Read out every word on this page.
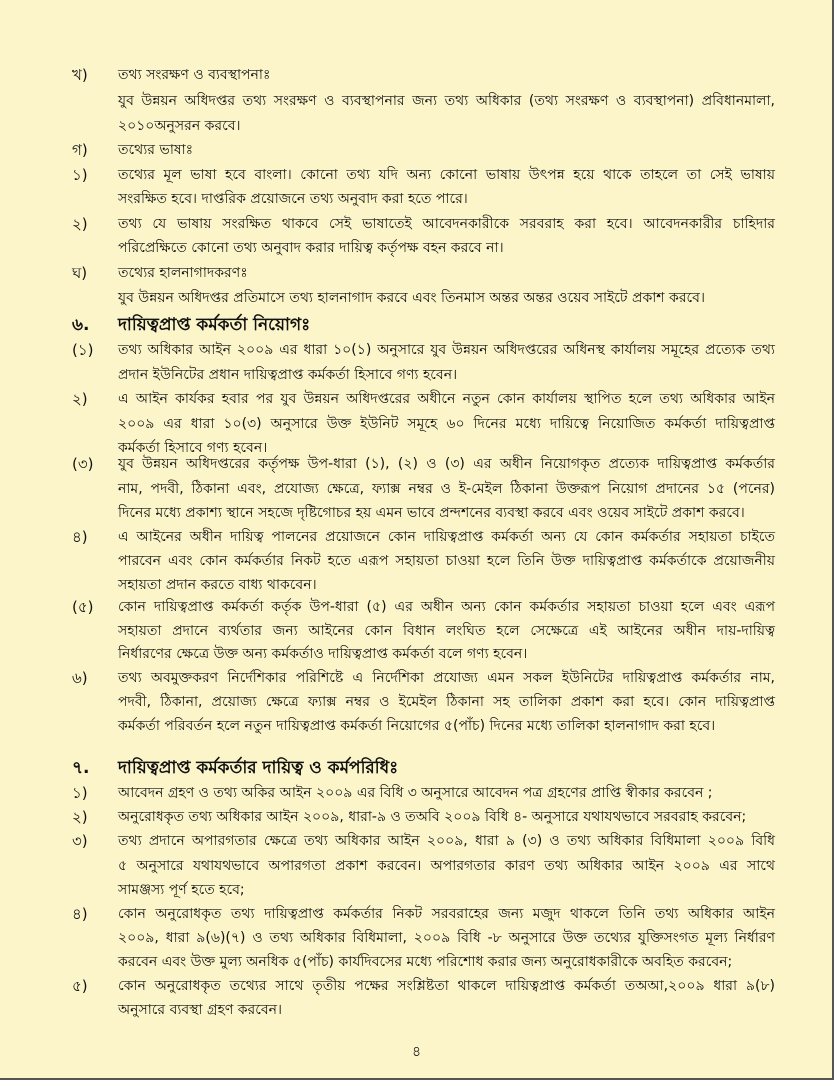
খ) তথ্য সংরক্ষণ ও ব্যবস্থাপনাঃ
যুব উন্নয়ন অধিদপ্তর তথ্য সংরক্ষণ ও ব্যবস্থাপনার জন্য তথ্য অধিকার (তথ্য সংরক্ষণ ও ব্যবস্থাপনা) প্রবিধানমালা,
২০১০অনুসরন করবে।
গ) তথ্যের ভাষাঃ
১) তথ্যের মূল ভাষা হবে বাংলা। কোনো তথ্য যদি অন্য কোনো ভাষায় উৎপন্ন হয়ে থাকে তাহলে তা সেই ভাষায়
সংরক্ষিত হবে। দাপ্তরিক প্রয়োজনে তথ্য অনুবাদ করা হতে পারে।
২) তথ্য যে ভাষায় সংরক্ষিত থাকবে সেই ভাষাতেই আবেদনকারীকে সরবরাহ করা হবে। আবেদনকারীর চাহিদার
পরিপ্রেক্ষিতে কোনো তথ্য অনুবাদ করার দায়িত্ব কর্তৃপক্ষ বহন করবে না।
ঘ) তথ্যের হালনাগাদকরণঃ
যুব উন্নয়ন অধিদপ্তর প্রতিমাসে তথ্য হালনাগাদ করবে এবং তিনমাস অন্তর অন্তর ওয়েব সাইটে প্রকাশ করবে।
৬. দায়িত্বপ্রাপ্ত কর্মকর্তা নিয়োগঃ
(১) তথ্য অধিকার আইন ২০০৯ এর ধারা ১০(১) অনুসারে যুব উন্নয়ন অধিদপ্তরের অধিনস্থ কার্যালয় সমূহের প্রত্যেক তথ্য
প্রদান ইউনিটের প্রধান দায়িত্বপ্রাপ্ত কর্মকর্তা হিসাবে গণ্য হবেন।
২) এ আইন কার্যকর হবার পর যুব উন্নয়ন অধিদপ্তরের অধীনে নতুন কোন কার্যালয় স্থাপিত হলে তথ্য অধিকার আইন
২০০৯ এর ধারা ১০(৩) অনুসারে উক্ত ইউনিট সমূহে ৬০ দিনের মধ্যে দায়িত্বে নিয়োজিত কর্মকর্তা দায়িত্বপ্রাপ্ত
কর্মকর্তা হিসাবে গণ্য হবেন।
(৩) যুব উন্নয়ন অধিদপ্তরের কর্তৃপক্ষ উপ-ধারা (১), (২) ও (৩) এর অধীন নিয়োগকৃত প্রত্যেক দায়িত্বপ্রাপ্ত কর্মকর্তার
নাম, পদবী, ঠিকানা এবং, প্রযোজ্য ক্ষেত্রে, ফ্যাক্স নম্বর ও ই-মেইল ঠিকানা উক্তরূপ নিয়োগ প্রদানের ১৫ (পনের)
দিনের মধ্যে প্রকাশ্য স্থানে সহজে দৃষ্টিগোচর হয় এমন ভাবে প্রন্দশনের ব্যবস্থা করবে এবং ওয়েব সাইটে প্রকাশ করবে।
৪) এ আইনের অধীন দায়িত্ব পালনের প্রয়োজনে কোন দায়িত্বপ্রাপ্ত কর্মকর্তা অন্য যে কোন কর্মকর্তার সহায়তা চাইতে
পারবেন এবং কোন কর্মকর্তার নিকট হতে এরূপ সহায়তা চাওয়া হলে তিনি উক্ত দায়িত্বপ্রাপ্ত কর্মকর্তাকে প্রয়োজনীয়
সহায়তা প্রদান করতে বাধ্য থাকবেন।
(৫) কোন দায়িত্বপ্রাপ্ত কর্মকর্তা কর্তৃক উপ-ধারা (৫) এর অধীন অন্য কোন কর্মকর্তার সহায়তা চাওয়া হলে এবং এরূপ
সহায়তা প্রদানে ব্যর্থতার জন্য আইনের কোন বিধান লংঘিত হলে সেক্ষেত্রে এই আইনের অধীন দায়-দায়িত্ব
নির্ধারণের ক্ষেত্রে উক্ত অন্য কর্মকর্তাও দায়িত্বপ্রাপ্ত কর্মকর্তা বলে গণ্য হবেন।
৬) তথ্য অবমুক্তকরণ নির্দেশিকার পরিশিষ্টে এ নির্দেশিকা প্রযোজ্য এমন সকল ইউনিটের দায়িত্বপ্রাপ্ত কর্মকর্তার নাম,
পদবী, ঠিকানা, প্রয়োজ্য ক্ষেত্রে ফ্যাক্স নম্বর ও ইমেইল ঠিকানা সহ তালিকা প্রকাশ করা হবে। কোন দায়িত্বপ্রাপ্ত
কর্মকর্তা পরিবর্তন হলে নতুন দায়িত্বপ্রাপ্ত কর্মকর্তা নিয়োগের ৫(পাঁচ) দিনের মধ্যে তালিকা হালনাগাদ করা হবে।
৭. দায়িত্বপ্রাপ্ত কর্মকর্তার দায়িত্ব ও কর্মপরিধিঃ
১) আবেদন গ্রহণ ও তথ্য অকির আইন ২০০৯ এর বিধি ৩ অনুসারে আবেদন পত্র গ্রহণের প্রাপ্তি স্বীকার করবেন ;
২) অনুরোধকৃত তথ্য অধিকার আইন ২০০৯, ধারা-৯ ও তঅবি ২০০৯ বিধি ৪- অনুসারে যথাযথভাবে সরবরাহ করবেন;
৩) তথ্য প্রদানে অপারগতার ক্ষেত্রে তথ্য অধিকার আইন ২০০৯, ধারা ৯ (৩) ও তথ্য অধিকার বিধিমালা ২০০৯ বিধি
৫ অনুসারে যথাযথভাবে অপারগতা প্রকাশ করবেন। অপারগতার কারণ তথ্য অধিকার আইন ২০০৯ এর সাথে
সামঞ্জস্য পূর্ণ হতে হবে;
৪) কোন অনুরোধকৃত তথ্য দায়িত্বপ্রাপ্ত কর্মকর্তার নিকট সরবরাহের জন্য মজুদ থাকলে তিনি তথ্য অধিকার আইন
২০০৯, ধারা ৯(৬)(৭) ও তথ্য অধিকার বিধিমালা, ২০০৯ বিধি -৮ অনুসারে উক্ত তথ্যের যুক্তিসংগত মূল্য নির্ধারণ
করবেন এবং উক্ত মুল্য অনধিক ৫(পাঁচ) কার্যদিবসের মধ্যে পরিশোধ করার জন্য অনুরোধকারীকে অবহিত করবেন;
৫) কোন অনুরোধকৃত তথ্যের সাথে তৃতীয় পক্ষের সংশ্লিষ্টতা থাকলে দায়িত্বপ্রাপ্ত কর্মকর্তা তঅআ,২০০৯ ধারা ৯(৮)
অনুসারে ব্যবস্থা গ্রহণ করবেন।
৪
